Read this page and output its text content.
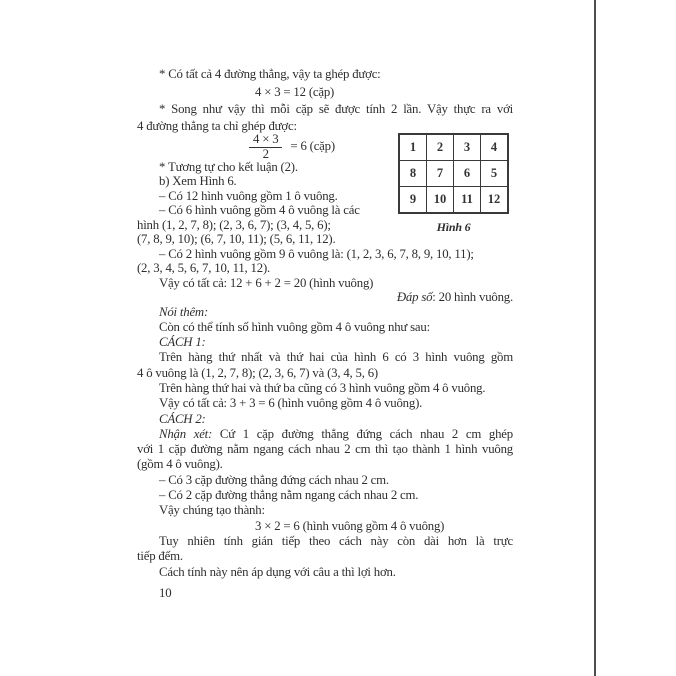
* Có tất cả 4 đường thẳng, vậy ta ghép được:
4 × 3 = 12 (cặp)
* Song như vậy thì mỗi cặp sẽ được tính 2 lần. Vậy thực ra với
4 đường thẳng ta chỉ ghép được:
$\frac{4 \times 3}{2} = 6$ (cặp)
* Tương tự cho kết luận (2).
b) Xem Hình 6.
– Có 12 hình vuông gồm 1 ô vuông.
– Có 6 hình vuông gồm 4 ô vuông là các
hình (1, 2, 7, 8); (2, 3, 6, 7); (3, 4, 5, 6);
(7, 8, 9, 10); (6, 7, 10, 11); (5, 6, 11, 12).
– Có 2 hình vuông gồm 9 ô vuông là: (1, 2, 3, 6, 7, 8, 9, 10, 11);
(2, 3, 4, 5, 6, 7, 10, 11, 12).
Vậy có tất cả: 12 + 6 + 2 = 20 (hình vuông)
Đáp số: 20 hình vuông.
Nói thêm:
Còn có thể tính số hình vuông gồm 4 ô vuông như sau:
CÁCH 1:
Trên hàng thứ nhất và thứ hai của hình 6 có 3 hình vuông gồm
4 ô vuông là (1, 2, 7, 8); (2, 3, 6, 7) và (3, 4, 5, 6)
Trên hàng thứ hai và thứ ba cũng có 3 hình vuông gồm 4 ô vuông.
Vậy có tất cả: 3 + 3 = 6 (hình vuông gồm 4 ô vuông).
CÁCH 2:
Nhận xét: Cứ 1 cặp đường thẳng đứng cách nhau 2 cm ghép
với 1 cặp đường nằm ngang cách nhau 2 cm thì tạo thành 1 hình vuông
(gồm 4 ô vuông).
– Có 3 cặp đường thẳng đứng cách nhau 2 cm.
– Có 2 cặp đường thẳng nằm ngang cách nhau 2 cm.
Vậy chúng tạo thành:
3 × 2 = 6 (hình vuông gồm 4 ô vuông)
Tuy nhiên tính gián tiếp theo cách này còn dài hơn là trực
tiếp đếm.
Cách tính này nên áp dụng với câu a thì lợi hơn.
10
1	2	3	4
8	7	6	5
9	10	11	12
Hình 6
